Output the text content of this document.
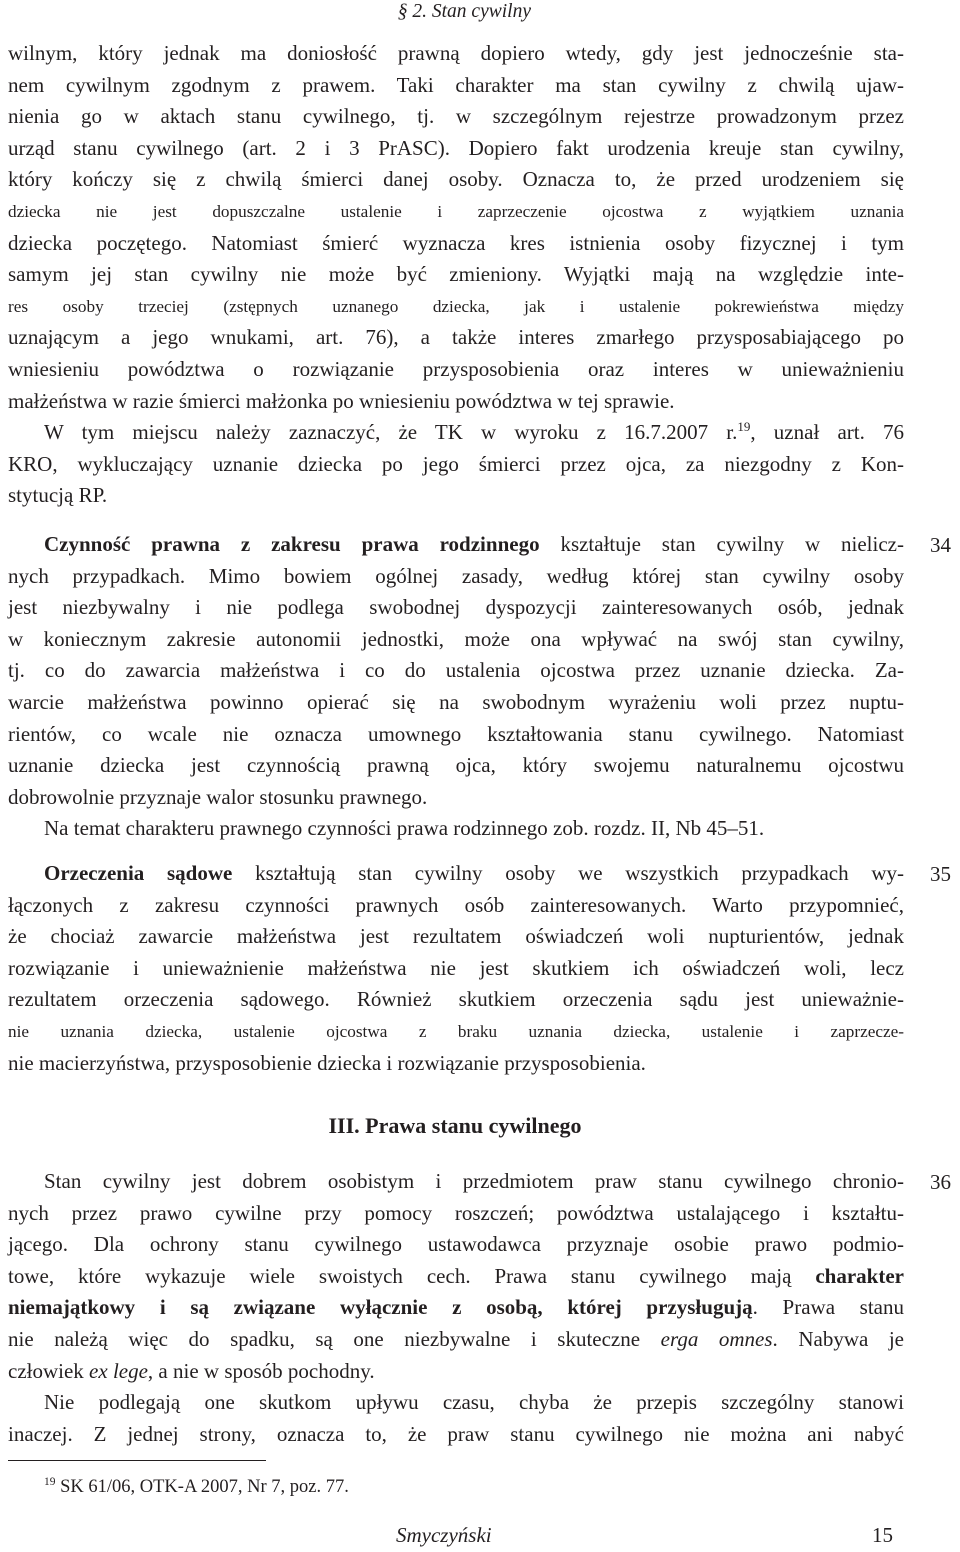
§ 2. Stan cywilny
wilnym, który jednak ma doniosłość prawną dopiero wtedy, gdy jest jednocześnie sta-
nem cywilnym zgodnym z prawem. Taki charakter ma stan cywilny z chwilą ujaw-
nienia go w aktach stanu cywilnego, tj. w szczególnym rejestrze prowadzonym przez
urząd stanu cywilnego (art. 2 i 3 PrASC). Dopiero fakt urodzenia kreuje stan cywilny,
który kończy się z chwilą śmierci danej osoby. Oznacza to, że przed urodzeniem się
dziecka nie jest dopuszczalne ustalenie i zaprzeczenie ojcostwa z wyjątkiem uznania
dziecka poczętego. Natomiast śmierć wyznacza kres istnienia osoby fizycznej i tym
samym jej stan cywilny nie może być zmieniony. Wyjątki mają na względzie inte-
res osoby trzeciej (zstępnych uznanego dziecka, jak i ustalenie pokrewieństwa między
uznającym a jego wnukami, art. 76), a także interes zmarłego przysposabiającego po
wniesieniu powództwa o rozwiązanie przysposobienia oraz interes w unieważnieniu
małżeństwa w razie śmierci małżonka po wniesieniu powództwa w tej sprawie.
W tym miejscu należy zaznaczyć, że TK w wyroku z 16.7.2007 r.$^{19}$, uznał art. 76
KRO, wykluczający uznanie dziecka po jego śmierci przez ojca, za niezgodny z Kon-
stytucją RP.
34
Czynność prawna z zakresu prawa rodzinnego kształtuje stan cywilny w nielicz-
nych przypadkach. Mimo bowiem ogólnej zasady, według której stan cywilny osoby
jest niezbywalny i nie podlega swobodnej dyspozycji zainteresowanych osób, jednak
w koniecznym zakresie autonomii jednostki, może ona wpływać na swój stan cywilny,
tj. co do zawarcia małżeństwa i co do ustalenia ojcostwa przez uznanie dziecka. Za-
warcie małżeństwa powinno opierać się na swobodnym wyrażeniu woli przez nuptu-
rientów, co wcale nie oznacza umownego kształtowania stanu cywilnego. Natomiast
uznanie dziecka jest czynnością prawną ojca, który swojemu naturalnemu ojcostwu
dobrowolnie przyznaje walor stosunku prawnego.
Na temat charakteru prawnego czynności prawa rodzinnego zob. rozdz. II, Nb 45–51.
35
Orzeczenia sądowe kształtują stan cywilny osoby we wszystkich przypadkach wy-
łączonych z zakresu czynności prawnych osób zainteresowanych. Warto przypomnieć,
że chociaż zawarcie małżeństwa jest rezultatem oświadczeń woli nupturientów, jednak
rozwiązanie i unieważnienie małżeństwa nie jest skutkiem ich oświadczeń woli, lecz
rezultatem orzeczenia sądowego. Również skutkiem orzeczenia sądu jest unieważnie-
nie uznania dziecka, ustalenie ojcostwa z braku uznania dziecka, ustalenie i zaprzecze-
nie macierzyństwa, przysposobienie dziecka i rozwiązanie przysposobienia.
III. Prawa stanu cywilnego
36
Stan cywilny jest dobrem osobistym i przedmiotem praw stanu cywilnego chronio-
nych przez prawo cywilne przy pomocy roszczeń; powództwa ustalającego i kształtu-
jącego. Dla ochrony stanu cywilnego ustawodawca przyznaje osobie prawo podmio-
towe, które wykazuje wiele swoistych cech. Prawa stanu cywilnego mają charakter
niemajątkowy i są związane wyłącznie z osobą, której przysługują. Prawa stanu
nie należą więc do spadku, są one niezbywalne i skuteczne erga omnes. Nabywa je
człowiek ex lege, a nie w sposób pochodny.
Nie podlegają one skutkom upływu czasu, chyba że przepis szczególny stanowi
inaczej. Z jednej strony, oznacza to, że praw stanu cywilnego nie można ani nabyć
$^{19}$ SK 61/06, OTK-A 2007, Nr 7, poz. 77.
Smyczyński	15
